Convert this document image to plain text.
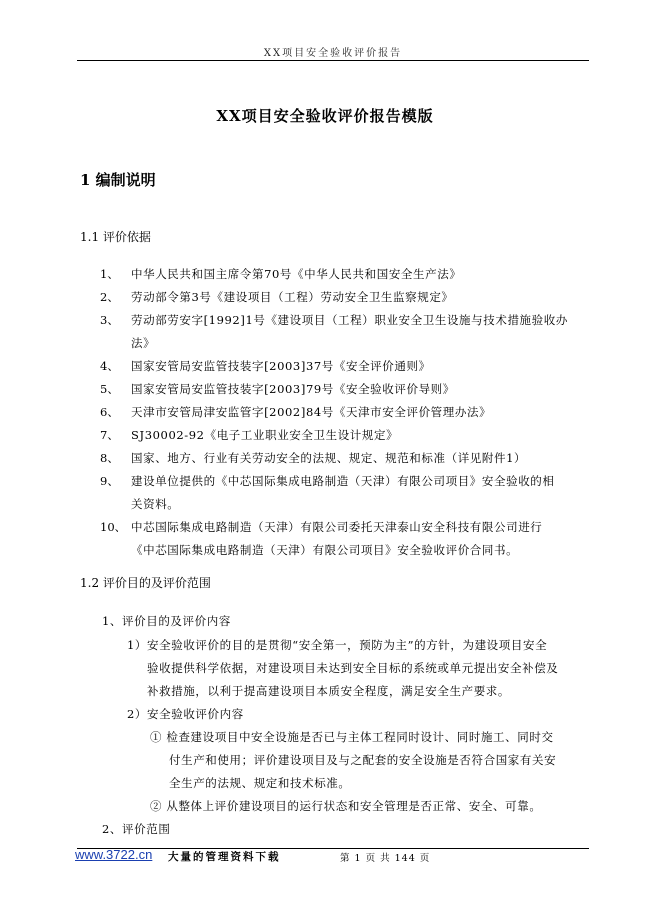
XX项目安全验收评价报告
XX项目安全验收评价报告模版
1 编制说明
1.1 评价依据
1、 中华人民共和国主席令第70号《中华人民共和国安全生产法》
2、 劳动部令第3号《建设项目（工程）劳动安全卫生监察规定》
3、 劳动部劳安字[1992]1号《建设项目（工程）职业安全卫生设施与技术措施验收办
法》
4、 国家安管局安监管技装字[2003]37号《安全评价通则》
5、 国家安管局安监管技装字[2003]79号《安全验收评价导则》
6、 天津市安管局津安监管字[2002]84号《天津市安全评价管理办法》
7、 SJ30002-92《电子工业职业安全卫生设计规定》
8、 国家、地方、行业有关劳动安全的法规、规定、规范和标准（详见附件1）
9、 建设单位提供的《中芯国际集成电路制造（天津）有限公司项目》安全验收的相
关资料。
10、 中芯国际集成电路制造（天津）有限公司委托天津泰山安全科技有限公司进行
《中芯国际集成电路制造（天津）有限公司项目》安全验收评价合同书。
1.2 评价目的及评价范围
1、评价目的及评价内容
1）安全验收评价的目的是贯彻“安全第一，预防为主”的方针，为建设项目安全
验收提供科学依据，对建设项目未达到安全目标的系统或单元提出安全补偿及
补救措施，以利于提高建设项目本质安全程度，满足安全生产要求。
2）安全验收评价内容
① 检查建设项目中安全设施是否已与主体工程同时设计、同时施工、同时交
付生产和使用；评价建设项目及与之配套的安全设施是否符合国家有关安
全生产的法规、规定和技术标准。
② 从整体上评价建设项目的运行状态和安全管理是否正常、安全、可靠。
2、评价范围
www.3722.cn 大量的管理资料下载	第 1 页 共 144 页
